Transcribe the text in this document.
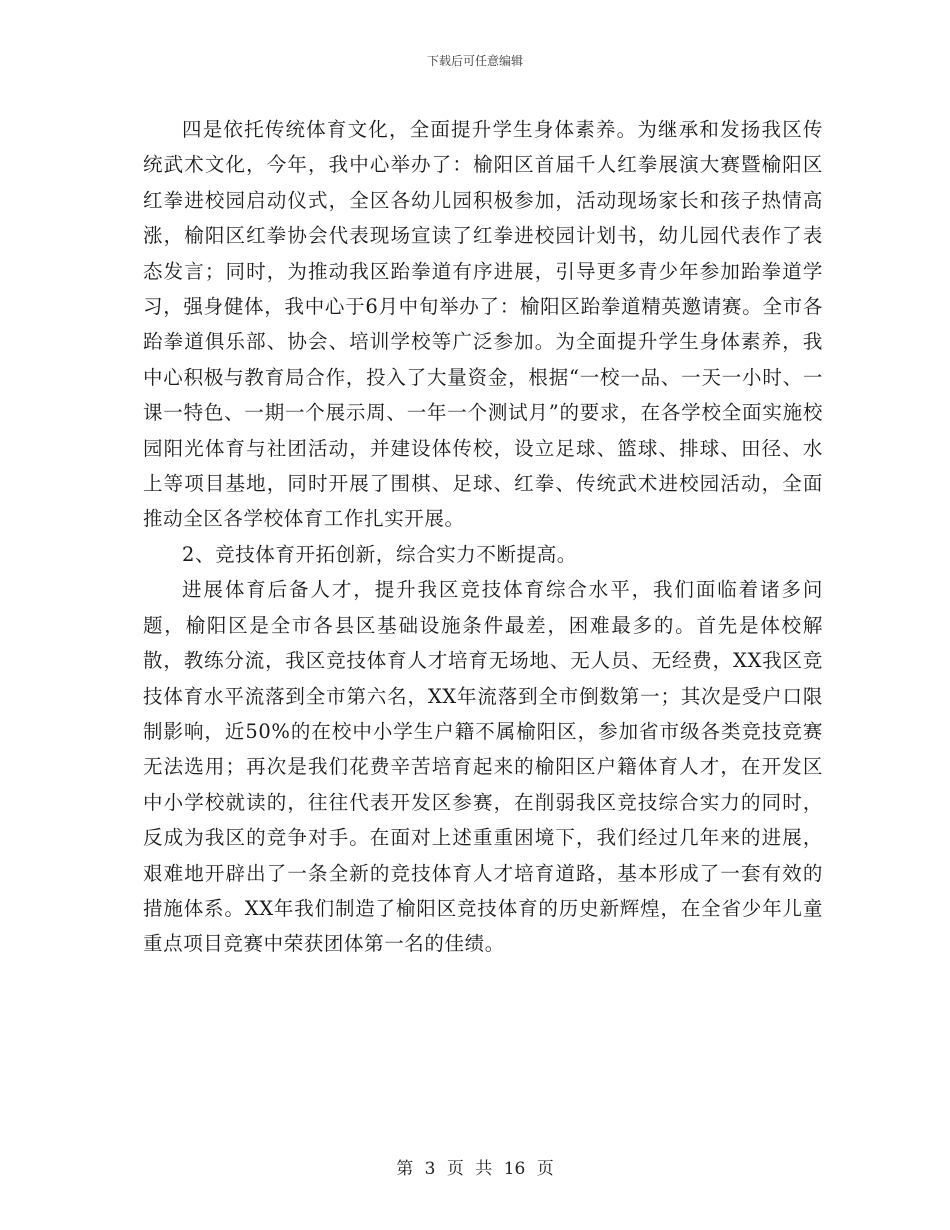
下载后可任意编辑

四是依托传统体育文化，全面提升学生身体素养。为继承和发扬我区传统武术文化，今年，我中心举办了：榆阳区首届千人红拳展演大赛暨榆阳区红拳进校园启动仪式，全区各幼儿园积极参加，活动现场家长和孩子热情高涨，榆阳区红拳协会代表现场宣读了红拳进校园计划书，幼儿园代表作了表态发言；同时，为推动我区跆拳道有序进展，引导更多青少年参加跆拳道学习，强身健体，我中心于6月中旬举办了：榆阳区跆拳道精英邀请赛。全市各跆拳道俱乐部、协会、培训学校等广泛参加。为全面提升学生身体素养，我中心积极与教育局合作，投入了大量资金，根据“一校一品、一天一小时、一课一特色、一期一个展示周、一年一个测试月”的要求，在各学校全面实施校园阳光体育与社团活动，并建设体传校，设立足球、篮球、排球、田径、水上等项目基地，同时开展了围棋、足球、红拳、传统武术进校园活动，全面推动全区各学校体育工作扎实开展。

2、竞技体育开拓创新，综合实力不断提高。

进展体育后备人才，提升我区竞技体育综合水平，我们面临着诸多问题，榆阳区是全市各县区基础设施条件最差，困难最多的。首先是体校解散，教练分流，我区竞技体育人才培育无场地、无人员、无经费，XX我区竞技体育水平流落到全市第六名，XX年流落到全市倒数第一；其次是受户口限制影响，近50%的在校中小学生户籍不属榆阳区，参加省市级各类竞技竞赛无法选用；再次是我们花费辛苦培育起来的榆阳区户籍体育人才，在开发区中小学校就读的，往往代表开发区参赛，在削弱我区竞技综合实力的同时，反成为我区的竞争对手。在面对上述重重困境下，我们经过几年来的进展，艰难地开辟出了一条全新的竞技体育人才培育道路，基本形成了一套有效的措施体系。XX年我们制造了榆阳区竞技体育的历史新辉煌，在全省少年儿童重点项目竞赛中荣获团体第一名的佳绩。

第 3 页 共 16 页
